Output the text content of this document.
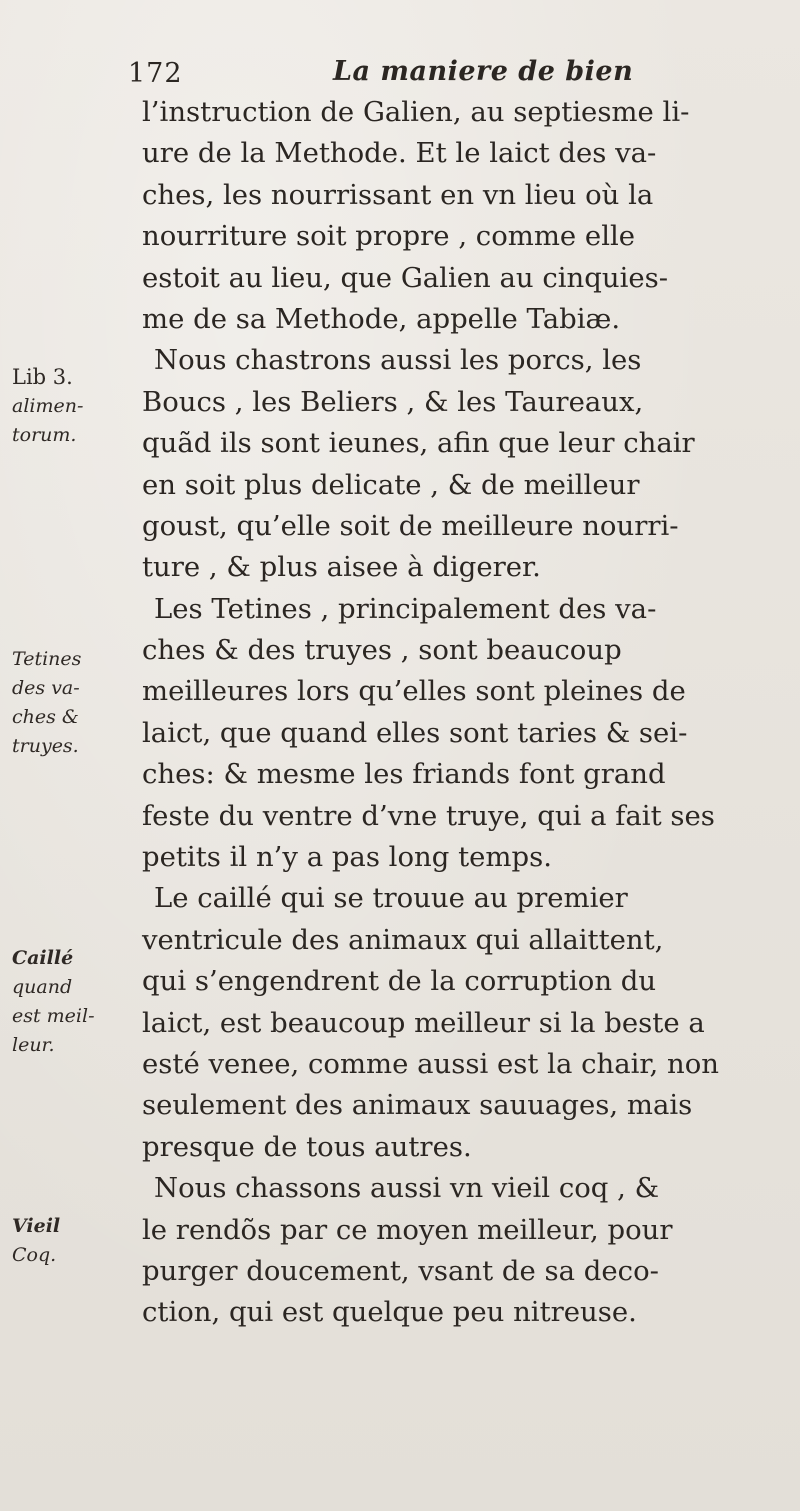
172	La maniere de bien
Lib 3.
alimen-
torum.
Tetines
des va-
ches &
truyes.
Caillé
quand
est meil-
leur.
Vieil
Coq.
l’instruction de Galien, au septiesme li-
ure de la Methode. Et le laict des va-
ches, les nourrissant en vn lieu où la
nourriture soit propre , comme elle
estoit au lieu, que Galien au cinquies-
me de sa Methode, appelle Tabiæ.
Nous chastrons aussi les porcs, les
Boucs , les Beliers , & les Taureaux,
quãd ils sont ieunes, afin que leur chair
en soit plus delicate , & de meilleur
goust, qu’elle soit de meilleure nourri-
ture , & plus aisee à digerer.
Les Tetines , principalement des va-
ches & des truyes , sont beaucoup
meilleures lors qu’elles sont pleines de
laict, que quand elles sont taries & sei-
ches: & mesme les friands font grand
feste du ventre d’vne truye, qui a fait ses
petits il n’y a pas long temps.
Le caillé qui se trouue au premier
ventricule des animaux qui allaittent,
qui s’engendrent de la corruption du
laict, est beaucoup meilleur si la beste a
esté venee, comme aussi est la chair, non
seulement des animaux sauuages, mais
presque de tous autres.
Nous chassons aussi vn vieil coq , &
le rendõs par ce moyen meilleur, pour
purger doucement, vsant de sa deco-
ction, qui est quelque peu nitreuse.
